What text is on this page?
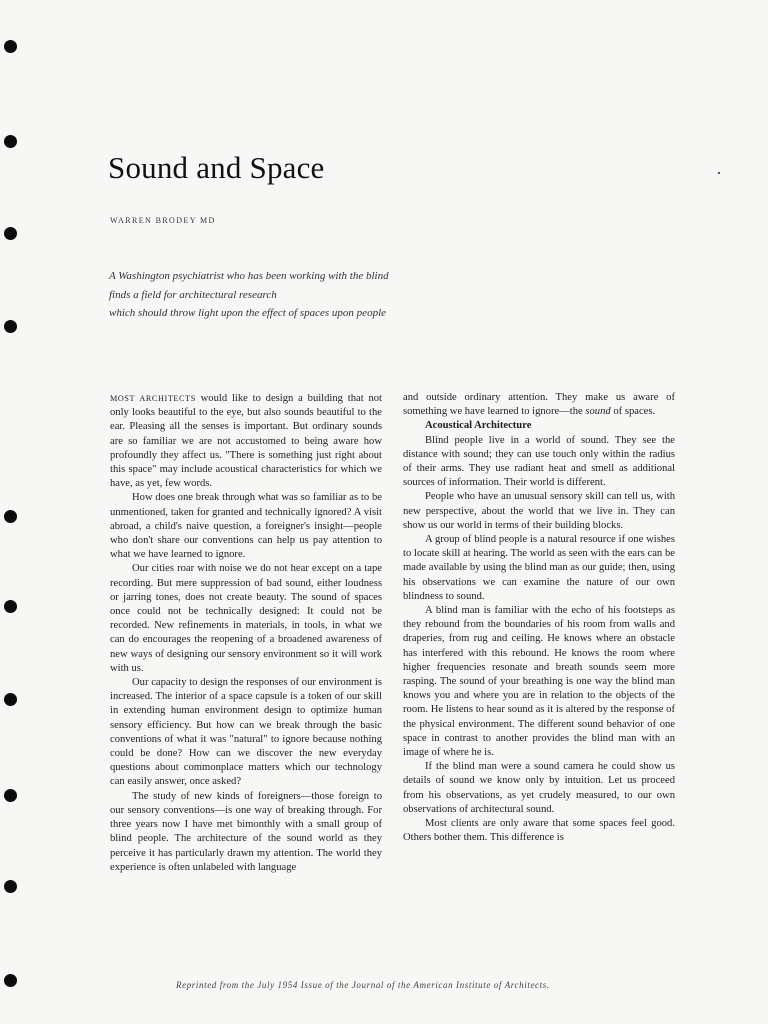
Sound and Space
WARREN BRODEY MD
A Washington psychiatrist who has been working with the blind
finds a field for architectural research
which should throw light upon the effect of spaces upon people

MOST ARCHITECTS would like to design a building that not only looks beautiful to the eye, but also sounds beautiful to the ear. Pleasing all the senses is important. But ordinary sounds are so familiar we are not accustomed to being aware how profoundly they affect us. "There is something just right about this space" may include acoustical characteristics for which we have, as yet, few words.

How does one break through what was so familiar as to be unmentioned, taken for granted and technically ignored? A visit abroad, a child's naive question, a foreigner's insight—people who don't share our conventions can help us pay attention to what we have learned to ignore.

Our cities roar with noise we do not hear except on a tape recording. But mere suppression of bad sound, either loudness or jarring tones, does not create beauty. The sound of spaces once could not be technically designed: It could not be recorded. New refinements in materials, in tools, in what we can do encourages the reopening of a broadened awareness of new ways of designing our sensory environment so it will work with us.

Our capacity to design the responses of our environment is increased. The interior of a space capsule is a token of our skill in extending human environment design to optimize human sensory efficiency. But how can we break through the basic conventions of what it was "natural" to ignore because nothing could be done? How can we discover the new everyday questions about commonplace matters which our technology can easily answer, once asked?

The study of new kinds of foreigners—those foreign to our sensory conventions—is one way of breaking through. For three years now I have met bimonthly with a small group of blind people. The architecture of the sound world as they perceive it has particularly drawn my attention. The world they experience is often unlabeled with language

and outside ordinary attention. They make us aware of something we have learned to ignore—the sound of spaces.

Acoustical Architecture

Blind people live in a world of sound. They see the distance with sound; they can use touch only within the radius of their arms. They use radiant heat and smell as additional sources of information. Their world is different.

People who have an unusual sensory skill can tell us, with new perspective, about the world that we live in. They can show us our world in terms of their building blocks.

A group of blind people is a natural resource if one wishes to locate skill at hearing. The world as seen with the ears can be made available by using the blind man as our guide; then, using his observations we can examine the nature of our own blindness to sound.

A blind man is familiar with the echo of his footsteps as they rebound from the boundaries of his room from walls and draperies, from rug and ceiling. He knows where an obstacle has interfered with this rebound. He knows the room where higher frequencies resonate and breath sounds seem more rasping. The sound of your breathing is one way the blind man knows you and where you are in relation to the objects of the room. He listens to hear sound as it is altered by the response of the physical environment. The different sound behavior of one space in contrast to another provides the blind man with an image of where he is.

If the blind man were a sound camera he could show us details of sound we know only by intuition. Let us proceed from his observations, as yet crudely measured, to our own observations of architectural sound.

Most clients are only aware that some spaces feel good. Others bother them. This difference is

Reprinted from the July 1954 Issue of the Journal of the American Institute of Architects.
